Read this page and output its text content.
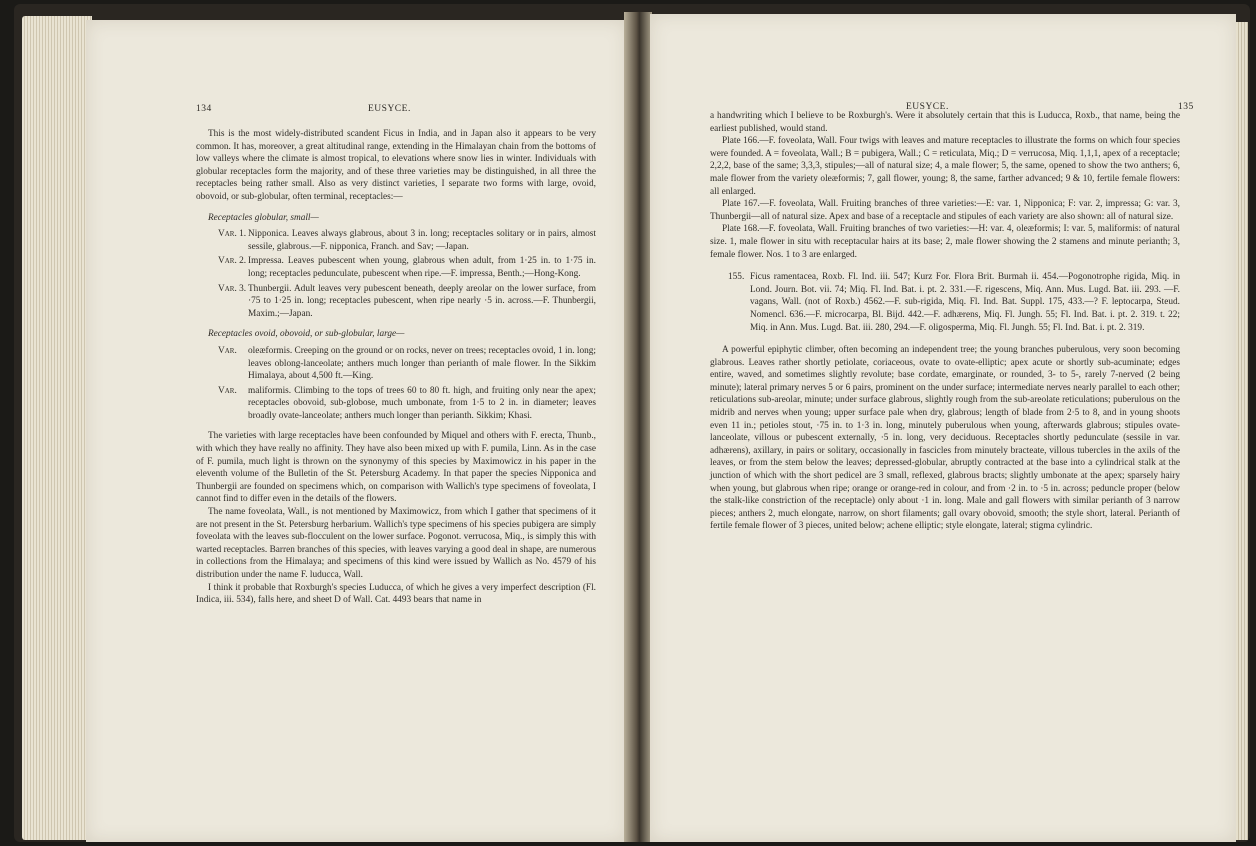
134	EUSYCE.

This is the most widely-distributed scandent Ficus in India, and in Japan also it appears to be very common. It has, moreover, a great altitudinal range, extending in the Himalayan chain from the bottoms of low valleys where the climate is almost tropical, to elevations where snow lies in winter. Individuals with globular receptacles form the majority, and of these three varieties may be distinguished, in all three the receptacles being rather small. Also as very distinct varieties, I separate two forms with large, ovoid, obovoid, or sub-globular, often terminal, receptacles:—

Receptacles globular, small—

Var. 1. Nipponica. Leaves always glabrous, about 3 in. long; receptacles solitary or in pairs, almost sessile, glabrous.—F. nipponica, Franch. and Sav; —Japan.
Var. 2. Impressa. Leaves pubescent when young, glabrous when adult, from 1·25 in. to 1·75 in. long; receptacles pedunculate, pubescent when ripe.—F. impressa, Benth.;—Hong-Kong.
Var. 3. Thunbergii. Adult leaves very pubescent beneath, deeply areolar on the lower surface, from ·75 to 1·25 in. long; receptacles pubescent, when ripe nearly ·5 in. across.—F. Thunbergii, Maxim.;—Japan.

Receptacles ovoid, obovoid, or sub-globular, large—

Var. oleæformis. Creeping on the ground or on rocks, never on trees; receptacles ovoid, 1 in. long; leaves oblong-lanceolate; anthers much longer than perianth of male flower. In the Sikkim Himalaya, about 4,500 ft.—King.
Var. maliformis. Climbing to the tops of trees 60 to 80 ft. high, and fruiting only near the apex; receptacles obovoid, sub-globose, much umbonate, from 1·5 to 2 in. in diameter; leaves broadly ovate-lanceolate; anthers much longer than perianth. Sikkim; Khasi.

The varieties with large receptacles have been confounded by Miquel and others with F. erecta, Thunb., with which they have really no affinity. They have also been mixed up with F. pumila, Linn. As in the case of F. pumila, much light is thrown on the synonymy of this species by Maximowicz in his paper in the eleventh volume of the Bulletin of the St. Petersburg Academy. In that paper the species Nipponica and Thunbergii are founded on specimens which, on comparison with Wallich's type specimens of foveolata, I cannot find to differ even in the details of the flowers.

The name foveolata, Wall., is not mentioned by Maximowicz, from which I gather that specimens of it are not present in the St. Petersburg herbarium. Wallich's type specimens of his species pubigera are simply foveolata with the leaves sub-flocculent on the lower surface. Pogonot. verrucosa, Miq., is simply this with warted receptacles. Barren branches of this species, with leaves varying a good deal in shape, are numerous in collections from the Himalaya; and specimens of this kind were issued by Wallich as No. 4579 of his distribution under the name F. luducca, Wall.

I think it probable that Roxburgh's species Luducca, of which he gives a very imperfect description (Fl. Indica, iii. 534), falls here, and sheet D of Wall. Cat. 4493 bears that name in

EUSYCE.	135

a handwriting which I believe to be Roxburgh's. Were it absolutely certain that this is Luducca, Roxb., that name, being the earliest published, would stand.

Plate 166.—F. foveolata, Wall. Four twigs with leaves and mature receptacles to illustrate the forms on which four species were founded. A = foveolata, Wall.; B = pubigera, Wall.; C = reticulata, Miq.; D = verrucosa, Miq. 1,1,1, apex of a receptacle; 2,2,2, base of the same; 3,3,3, stipules;—all of natural size; 4, a male flower; 5, the same, opened to show the two anthers; 6, male flower from the variety oleæformis; 7, gall flower, young; 8, the same, farther advanced; 9 & 10, fertile female flowers: all enlarged.

Plate 167.—F. foveolata, Wall. Fruiting branches of three varieties:—E: var. 1, Nipponica; F: var. 2, impressa; G: var. 3, Thunbergii—all of natural size. Apex and base of a receptacle and stipules of each variety are also shown: all of natural size.

Plate 168.—F. foveolata, Wall. Fruiting branches of two varieties:—H: var. 4, oleæformis; I: var. 5, maliformis: of natural size. 1, male flower in situ with receptacular hairs at its base; 2, male flower showing the 2 stamens and minute perianth; 3, female flower. Nos. 1 to 3 are enlarged.

155. Ficus ramentacea, Roxb. Fl. Ind. iii. 547; Kurz For. Flora Brit. Burmah ii. 454.—Pogonotrophe rigida, Miq. in Lond. Journ. Bot. vii. 74; Miq. Fl. Ind. Bat. i. pt. 2. 331.—F. rigescens, Miq. Ann. Mus. Lugd. Bat. iii. 293. —F. vagans, Wall. (not of Roxb.) 4562.—F. sub-rigida, Miq. Fl. Ind. Bat. Suppl. 175, 433.—? F. leptocarpa, Steud. Nomencl. 636.—F. microcarpa, Bl. Bijd. 442.—F. adhærens, Miq. Fl. Jungh. 55; Fl. Ind. Bat. i. pt. 2. 319. t. 22; Miq. in Ann. Mus. Lugd. Bat. iii. 280, 294.—F. oligosperma, Miq. Fl. Jungh. 55; Fl. Ind. Bat. i. pt. 2. 319.

A powerful epiphytic climber, often becoming an independent tree; the young branches puberulous, very soon becoming glabrous. Leaves rather shortly petiolate, coriaceous, ovate to ovate-elliptic; apex acute or shortly sub-acuminate; edges entire, waved, and sometimes slightly revolute; base cordate, emarginate, or rounded, 3- to 5-, rarely 7-nerved (2 being minute); lateral primary nerves 5 or 6 pairs, prominent on the under surface; intermediate nerves nearly parallel to each other; reticulations sub-areolar, minute; under surface glabrous, slightly rough from the sub-areolate reticulations; puberulous on the midrib and nerves when young; upper surface pale when dry, glabrous; length of blade from 2·5 to 8, and in young shoots even 11 in.; petioles stout, ·75 in. to 1·3 in. long, minutely puberulous when young, afterwards glabrous; stipules ovate-lanceolate, villous or pubescent externally, ·5 in. long, very deciduous. Receptacles shortly pedunculate (sessile in var. adhærens), axillary, in pairs or solitary, occasionally in fascicles from minutely bracteate, villous tubercles in the axils of the leaves, or from the stem below the leaves; depressed-globular, abruptly contracted at the base into a cylindrical stalk at the junction of which with the short pedicel are 3 small, reflexed, glabrous bracts; slightly umbonate at the apex; sparsely hairy when young, but glabrous when ripe; orange or orange-red in colour, and from ·2 in. to ·5 in. across; peduncle proper (below the stalk-like constriction of the receptacle) only about ·1 in. long. Male and gall flowers with similar perianth of 3 narrow pieces; anthers 2, much elongate, narrow, on short filaments; gall ovary obovoid, smooth; the style short, lateral. Perianth of fertile female flower of 3 pieces, united below; achene elliptic; style elongate, lateral; stigma cylindric.
